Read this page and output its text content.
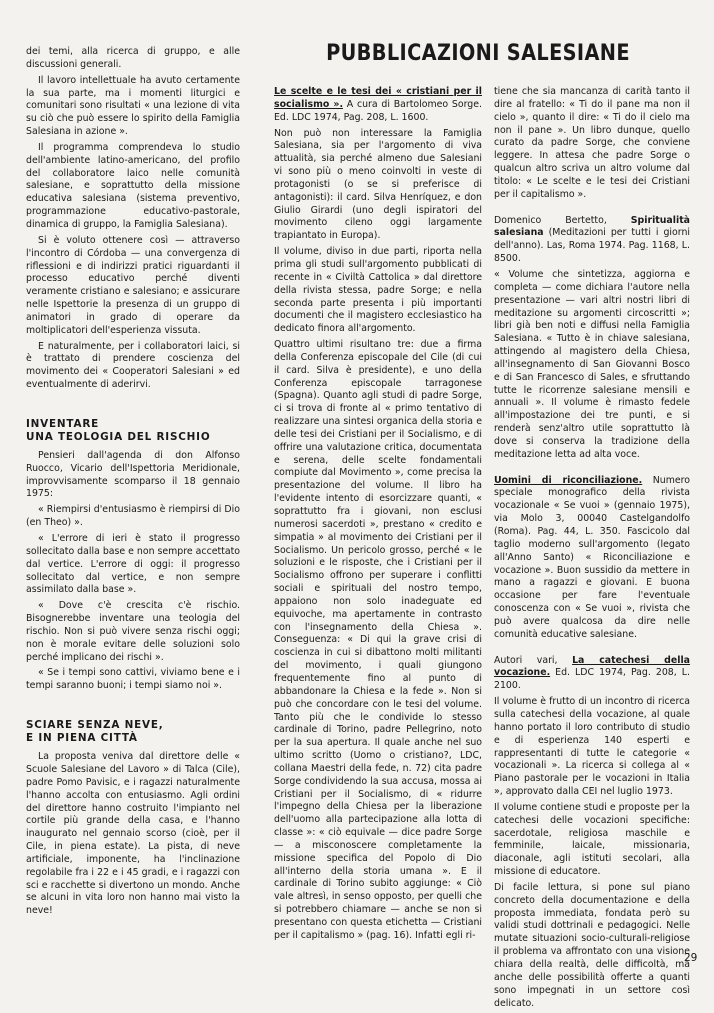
dei temi, alla ricerca di gruppo, e alle discussioni generali.

Il lavoro intellettuale ha avuto certamente la sua parte, ma i momenti liturgici e comunitari sono risultati « una lezione di vita su ciò che può essere lo spirito della Famiglia Salesiana in azione ».

Il programma comprendeva lo studio dell'ambiente latino-americano, del profilo del collaboratore laico nelle comunità salesiane, e soprattutto della missione educativa salesiana (sistema preventivo, programmazione educativo-pastorale, dinamica di gruppo, la Famiglia Salesiana).

Si è voluto ottenere così — attraverso l'incontro di Córdoba — una convergenza di riflessioni e di indirizzi pratici riguardanti il processo educativo perché diventi veramente cristiano e salesiano; e assicurare nelle Ispettorie la presenza di un gruppo di animatori in grado di operare da moltiplicatori dell'esperienza vissuta.

E naturalmente, per i collaboratori laici, si è trattato di prendere coscienza del movimento dei « Cooperatori Salesiani » ed eventualmente di aderirvi.

INVENTARE
UNA TEOLOGIA DEL RISCHIO

Pensieri dall'agenda di don Alfonso Ruocco, Vicario dell'Ispettoria Meridionale, improvvisamente scomparso il 18 gennaio 1975:

« Riempirsi d'entusiasmo è riempirsi di Dio (en Theo) ».

« L'errore di ieri è stato il progresso sollecitato dalla base e non sempre accettato dal vertice. L'errore di oggi: il progresso sollecitato dal vertice, e non sempre assimilato dalla base ».

« Dove c'è crescita c'è rischio. Bisognerebbe inventare una teologia del rischio. Non si può vivere senza rischi oggi; non è morale evitare delle soluzioni solo perché implicano dei rischi ».

« Se i tempi sono cattivi, viviamo bene e i tempi saranno buoni; i tempi siamo noi ».

SCIARE SENZA NEVE,
E IN PIENA CITTÀ

La proposta veniva dal direttore delle « Scuole Salesiane del Lavoro » di Talca (Cile), padre Pomo Pavisic, e i ragazzi naturalmente l'hanno accolta con entusiasmo. Agli ordini del direttore hanno costruito l'impianto nel cortile più grande della casa, e l'hanno inaugurato nel gennaio scorso (cioè, per il Cile, in piena estate). La pista, di neve artificiale, imponente, ha l'inclinazione regolabile fra i 22 e i 45 gradi, e i ragazzi con sci e racchette si divertono un mondo. Anche se alcuni in vita loro non hanno mai visto la neve!

PUBBLICAZIONI SALESIANE

Le scelte e le tesi dei « cristiani per il socialismo ». A cura di Bartolomeo Sorge. Ed. LDC 1974, Pag. 208, L. 1600.

Non può non interessare la Famiglia Salesiana, sia per l'argomento di viva attualità, sia perché almeno due Salesiani vi sono più o meno coinvolti in veste di protagonisti (o se si preferisce di antagonisti): il card. Silva Henríquez, e don Giulio Girardi (uno degli ispiratori del movimento cileno oggi largamente trapiantato in Europa).

Il volume, diviso in due parti, riporta nella prima gli studi sull'argomento pubblicati di recente in « Civiltà Cattolica » dal direttore della rivista stessa, padre Sorge; e nella seconda parte presenta i più importanti documenti che il magistero ecclesiastico ha dedicato finora all'argomento.

Quattro ultimi risultano tre: due a firma della Conferenza episcopale del Cile (di cui il card. Silva è presidente), e uno della Conferenza episcopale tarragonese (Spagna). Quanto agli studi di padre Sorge, ci si trova di fronte al « primo tentativo di realizzare una sintesi organica della storia e delle tesi dei Cristiani per il Socialismo, e di offrire una valutazione critica, documentata e serena, delle scelte fondamentali compiute dal Movimento », come precisa la presentazione del volume. Il libro ha l'evidente intento di esorcizzare quanti, « soprattutto fra i giovani, non esclusi numerosi sacerdoti », prestano « credito e simpatia » al movimento dei Cristiani per il Socialismo. Un pericolo grosso, perché « le soluzioni e le risposte, che i Cristiani per il Socialismo offrono per superare i conflitti sociali e spirituali del nostro tempo, appaiono non solo inadeguate ed equivoche, ma apertamente in contrasto con l'insegnamento della Chiesa ». Conseguenza: « Di qui la grave crisi di coscienza in cui si dibattono molti militanti del movimento, i quali giungono frequentemente fino al punto di abbandonare la Chiesa e la fede ». Non si può che concordare con le tesi del volume. Tanto più che le condivide lo stesso cardinale di Torino, padre Pellegrino, noto per la sua apertura. Il quale anche nel suo ultimo scritto (Uomo o cristiano?, LDC, collana Maestri della fede, n. 72) cita padre Sorge condividendo la sua accusa, mossa ai Cristiani per il Socialismo, di « ridurre l'impegno della Chiesa per la liberazione dell'uomo alla partecipazione alla lotta di classe »: « ciò equivale — dice padre Sorge — a misconoscere completamente la missione specifica del Popolo di Dio all'interno della storia umana ». E il cardinale di Torino subito aggiunge: « Ciò vale altresì, in senso opposto, per quelli che si potrebbero chiamare — anche se non si presentano con questa etichetta — Cristiani per il capitalismo » (pag. 16). Infatti egli ri-

tiene che sia mancanza di carità tanto il dire al fratello: « Ti do il pane ma non il cielo », quanto il dire: « Ti do il cielo ma non il pane ». Un libro dunque, quello curato da padre Sorge, che conviene leggere. In attesa che padre Sorge o qualcun altro scriva un altro volume dal titolo: « Le scelte e le tesi dei Cristiani per il capitalismo ».

Domenico Bertetto,	Spiritualità salesiana (Meditazioni per tutti i giorni dell'anno). Las, Roma 1974. Pag. 1168, L. 8500.

« Volume che sintetizza, aggiorna e completa — come dichiara l'autore nella presentazione — vari altri nostri libri di meditazione su argomenti circoscritti »; libri già ben noti e diffusi nella Famiglia Salesiana. « Tutto è in chiave salesiana, attingendo al magistero della Chiesa, all'insegnamento di San Giovanni Bosco e di San Francesco di Sales, e sfruttando tutte le ricorrenze salesiane mensili e annuali ». Il volume è rimasto fedele all'impostazione dei tre punti, e si renderà senz'altro utile soprattutto là dove si conserva la tradizione della meditazione letta ad alta voce.

Uomini di riconciliazione. Numero speciale monografico della rivista vocazionale « Se vuoi » (gennaio 1975), via Molo 3, 00040 Castelgandolfo (Roma). Pag. 44, L. 350. Fascicolo dal taglio moderno sull'argomento (legato all'Anno Santo) « Riconciliazione e vocazione ». Buon sussidio da mettere in mano a ragazzi e giovani. E buona occasione per fare l'eventuale conoscenza con « Se vuoi », rivista che può avere qualcosa da dire nelle comunità educative salesiane.

Autori vari, La catechesi della vocazione. Ed. LDC 1974, Pag. 208, L. 2100.

Il volume è frutto di un incontro di ricerca sulla catechesi della vocazione, al quale hanno portato il loro contributo di studio e di esperienza 140 esperti e rappresentanti di tutte le categorie « vocazionali ». La ricerca si collega al « Piano pastorale per le vocazioni in Italia », approvato dalla CEI nel luglio 1973.

Il volume contiene studi e proposte per la catechesi delle vocazioni specifiche: sacerdotale, religiosa maschile e femminile, laicale, missionaria, diaconale, agli istituti secolari, alla missione di educatore.

Di facile lettura, si pone sul piano concreto della documentazione e della proposta immediata, fondata però su validi studi dottrinali e pedagogici. Nelle mutate situazioni socio-culturali-religiose il problema va affrontato con una visione chiara della realtà, delle difficoltà, ma anche delle possibilità offerte a quanti sono impegnati in un settore così delicato.

29
